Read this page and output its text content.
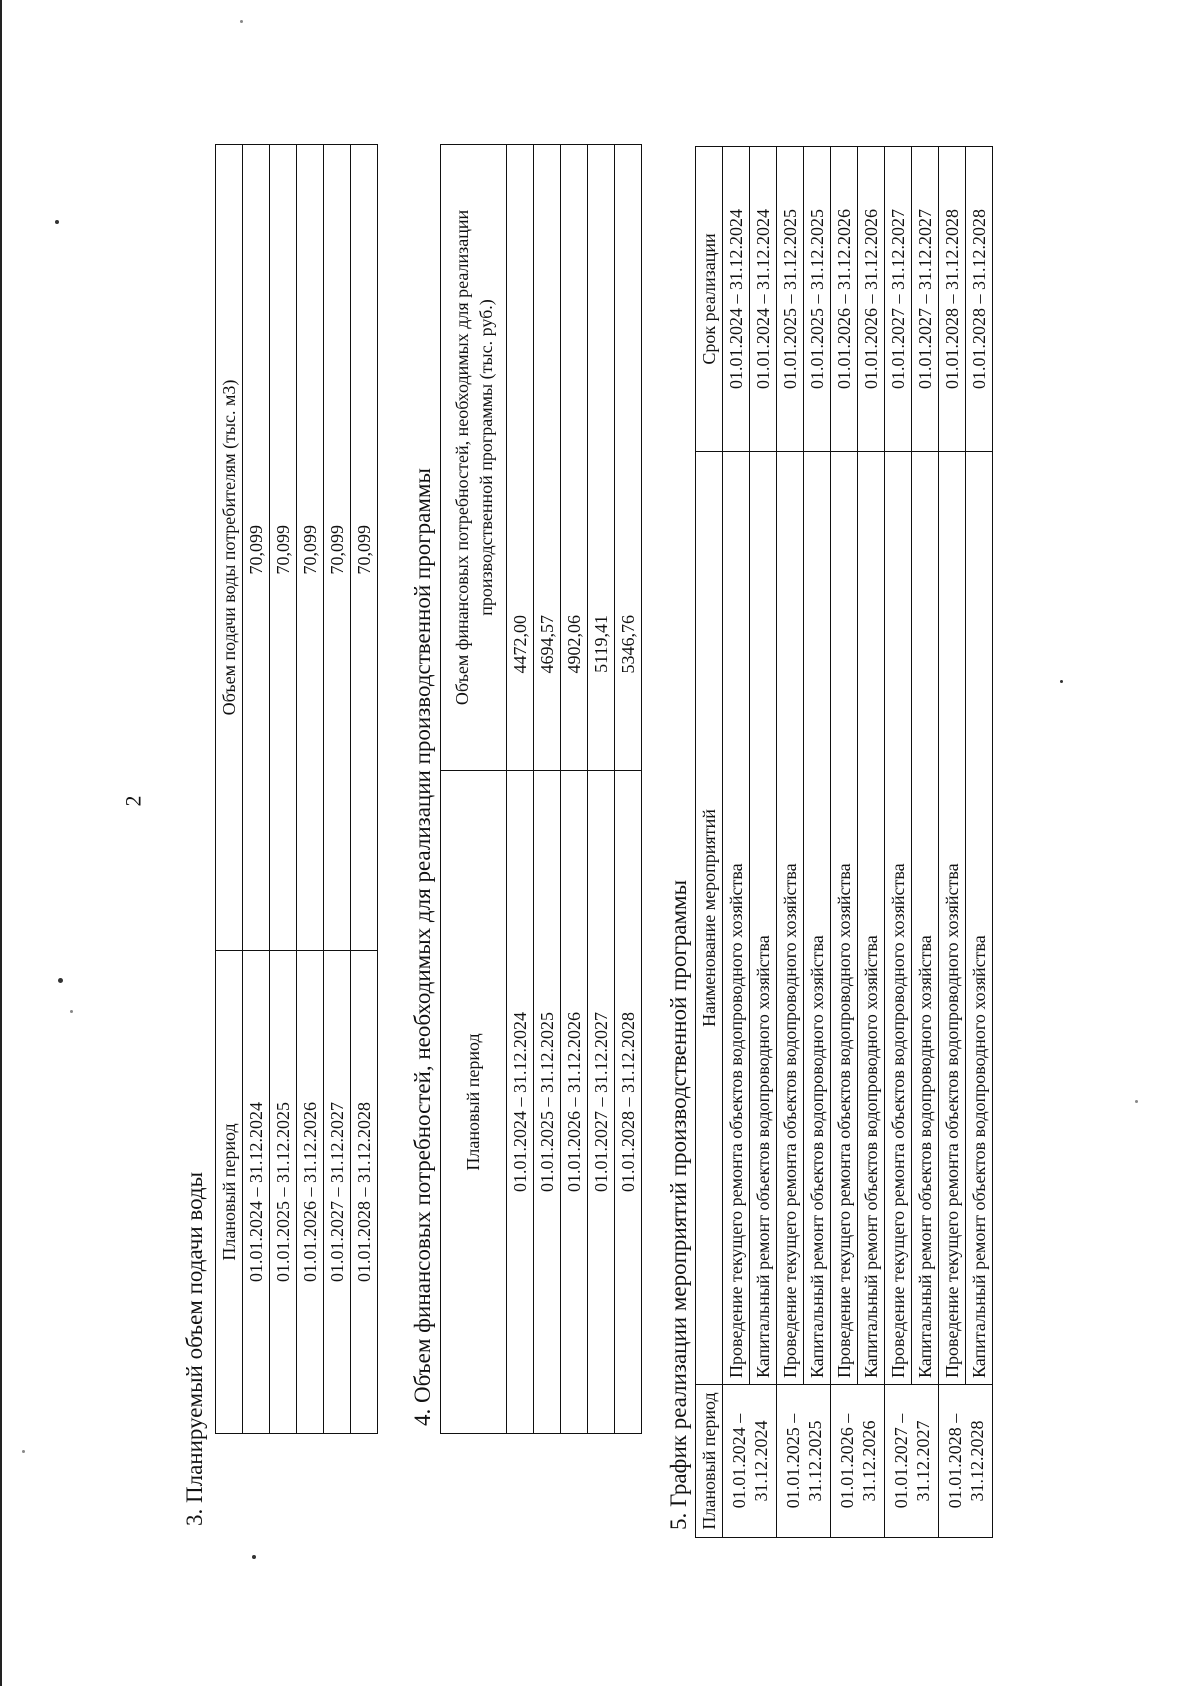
2
3. Планируемый объем подачи воды Плановый период	Объем подачи воды потребителям (тыс. м3)
01.01.2024 – 31.12.2024	70,099
01.01.2025 – 31.12.2025	70,099
01.01.2026 – 31.12.2026	70,099
01.01.2027 – 31.12.2027	70,099
01.01.2028 – 31.12.2028	70,099 4. Объем финансовых потребностей, необходимых для реализации производственной программы Плановый период	Объем финансовых потребностей, необходимых для реализации производственной программы (тыс. руб.)
01.01.2024 – 31.12.2024	4472,00
01.01.2025 – 31.12.2025	4694,57
01.01.2026 – 31.12.2026	4902,06
01.01.2027 – 31.12.2027	5119,41
01.01.2028 – 31.12.2028	5346,76
5. График реализации мероприятий производственной программы Плановый период	Наименование мероприятий	Срок реализации
01.01.2024 – 31.12.2024	Проведение текущего ремонта объектов водопроводного хозяйства	01.01.2024 – 31.12.2024
	Капитальный ремонт объектов водопроводного хозяйства	01.01.2024 – 31.12.2024
01.01.2025 – 31.12.2025	Проведение текущего ремонта объектов водопроводного хозяйства	01.01.2025 – 31.12.2025
	Капитальный ремонт объектов водопроводного хозяйства	01.01.2025 – 31.12.2025
01.01.2026 – 31.12.2026	Проведение текущего ремонта объектов водопроводного хозяйства	01.01.2026 – 31.12.2026
	Капитальный ремонт объектов водопроводного хозяйства	01.01.2026 – 31.12.2026
01.01.2027 – 31.12.2027	Проведение текущего ремонта объектов водопроводного хозяйства	01.01.2027 – 31.12.2027
	Капитальный ремонт объектов водопроводного хозяйства	01.01.2027 – 31.12.2027
01.01.2028 – 31.12.2028	Проведение текущего ремонта объектов водопроводного хозяйства	01.01.2028 – 31.12.2028
	Капитальный ремонт объектов водопроводного хозяйства	01.01.2028 – 31.12.2028
